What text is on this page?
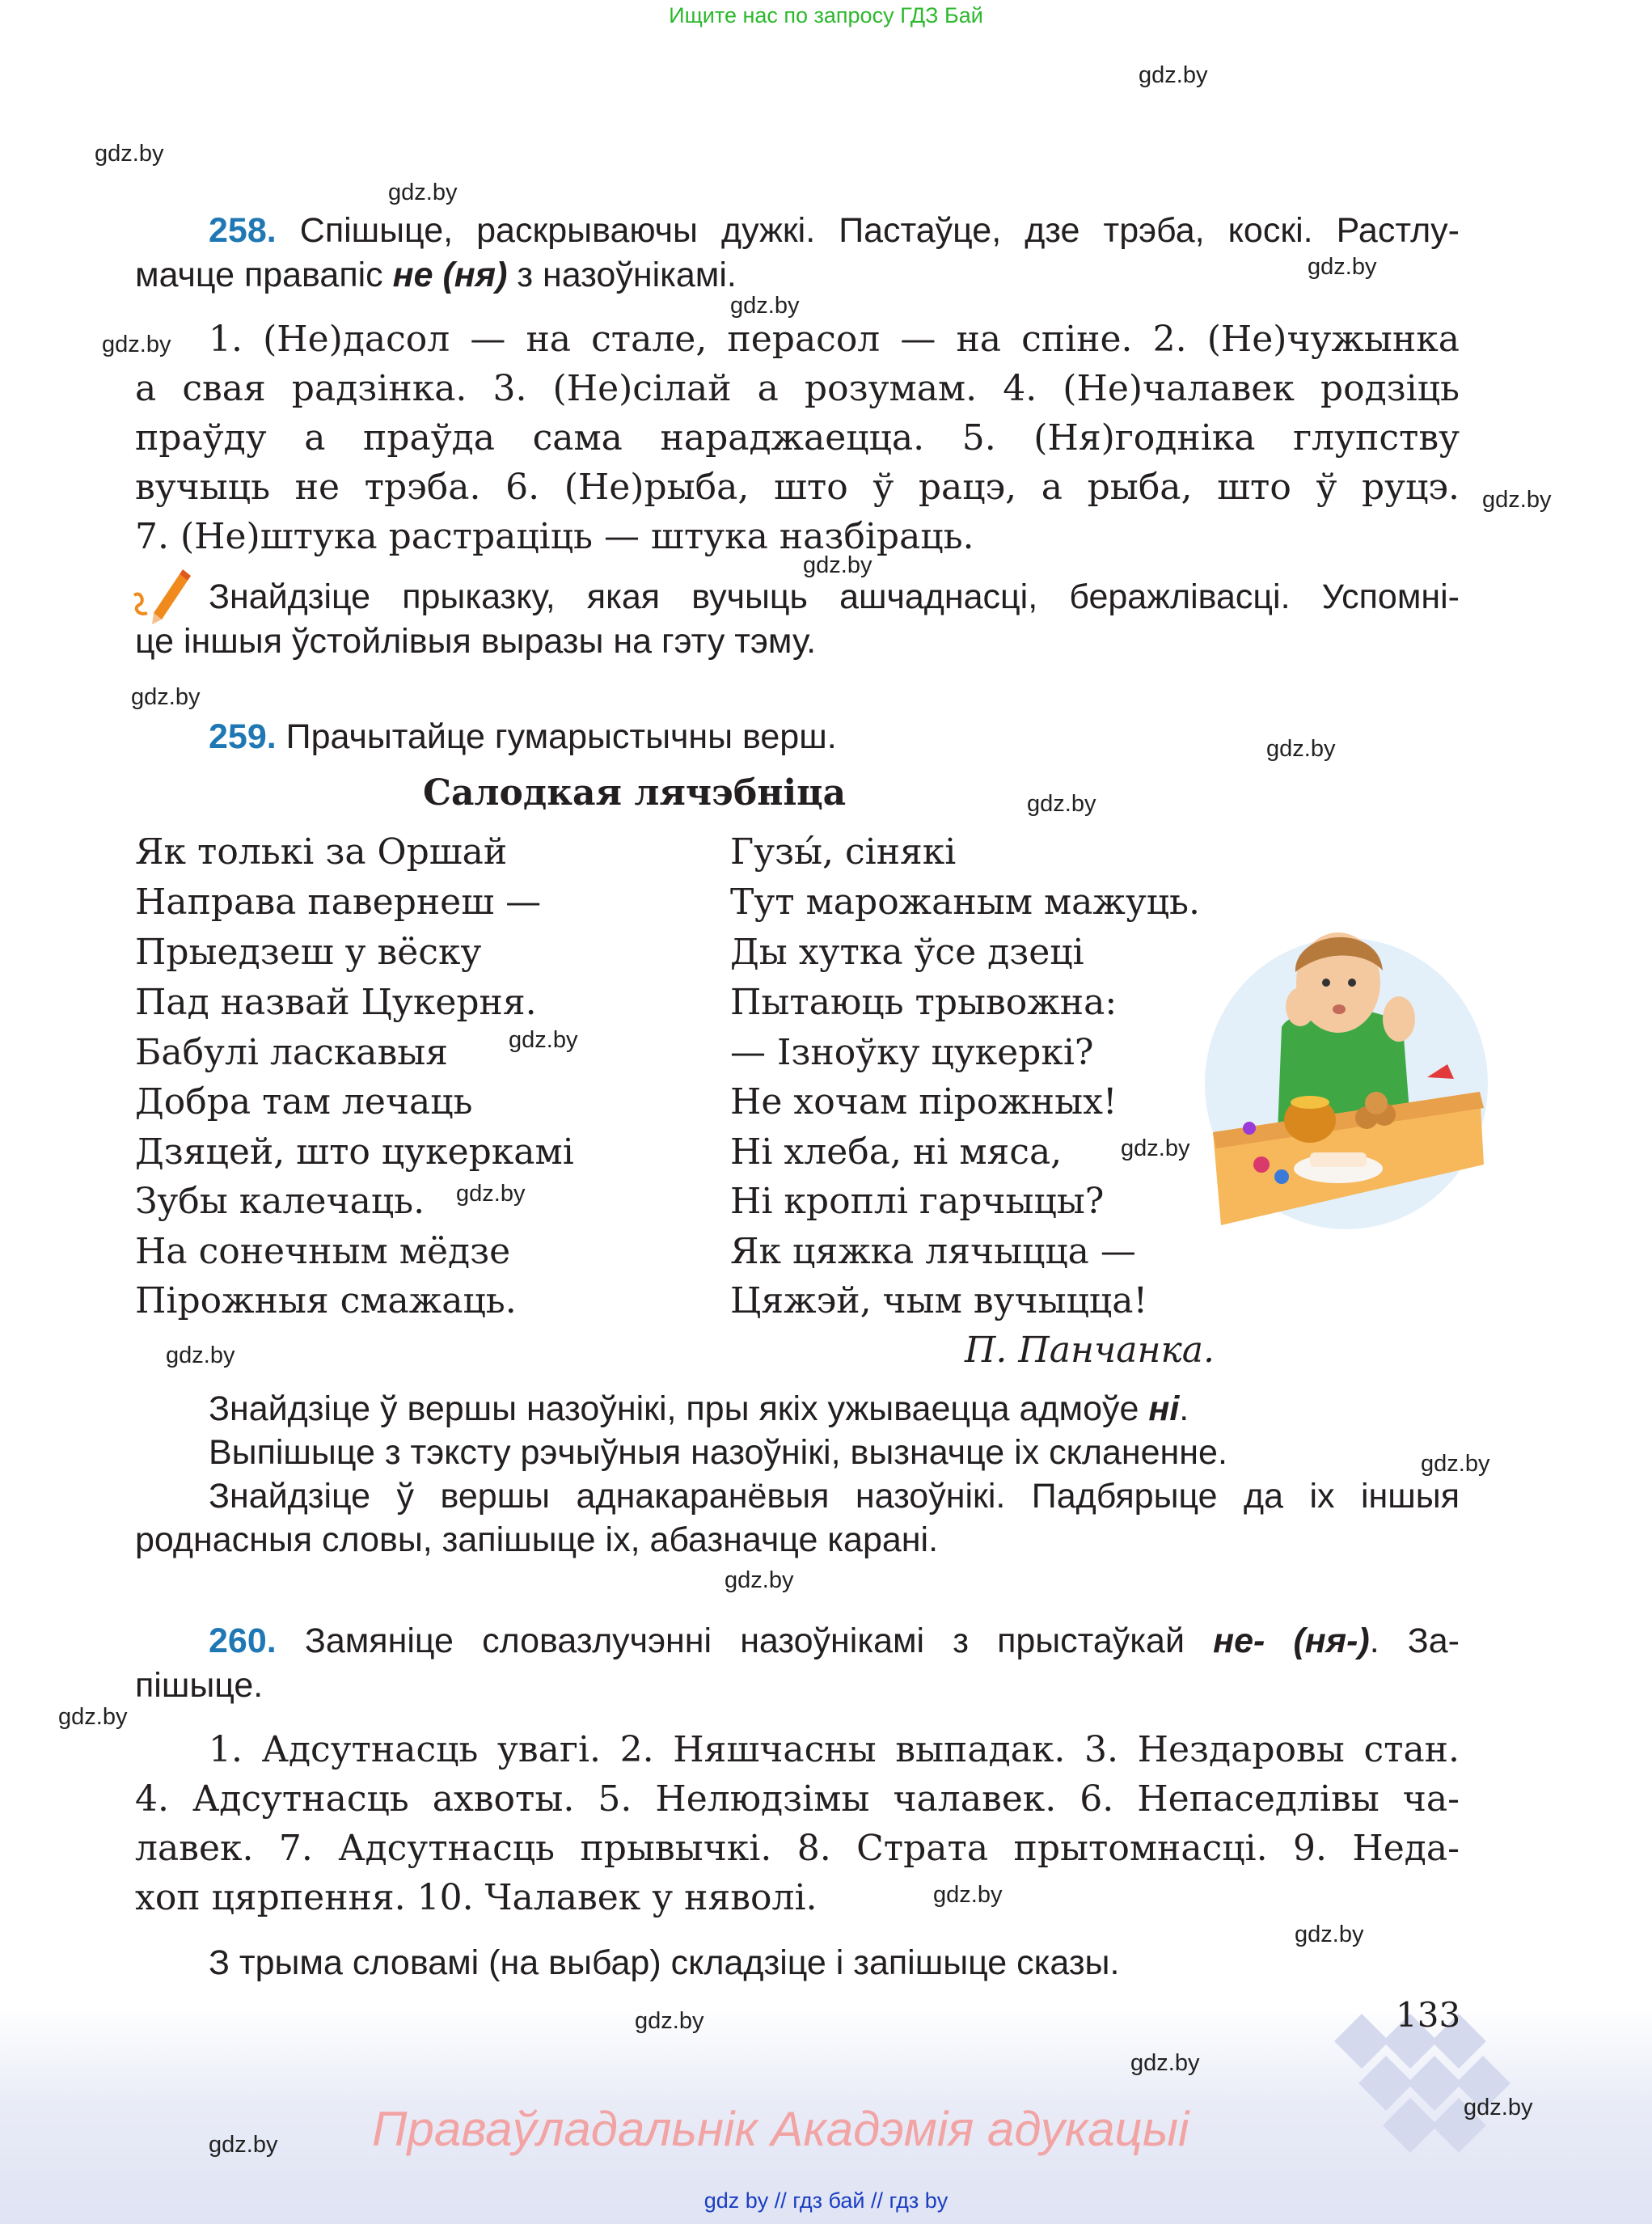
Ищите нас по запросу ГДЗ Бай
gdz.by
gdz.by
gdz.by
gdz.by
gdz.by
gdz.by
gdz.by
gdz.by
gdz.by
gdz.by
gdz.by
gdz.by
gdz.by
gdz.by
gdz.by
gdz.by
gdz.by
gdz.by
gdz.by
gdz.by
258. Спішыце, раскрываючы дужкі. Пастаўце, дзе трэба, коскі. Растлу-
мачце правапіс не (ня) з назоўнікамі.
1. (Не)дасол — на стале, перасол — на спіне. 2. (Не)чужынка
а свая радзінка. 3. (Не)сілай а розумам. 4. (Не)чалавек родзіць
праўду а праўда сама нараджаецца. 5. (Ня)годніка глупству
вучыць не трэба. 6. (Не)рыба, што ў рацэ, а рыба, што ў руцэ.
7. (Не)штука растраціць — штука назбіраць.
Знайдзіце прыказку, якая вучыць ашчаднасці, беражлівасці. Успомні-
це іншыя ўстойлівыя выразы на гэту тэму.
259. Прачытайце гумарыстычны верш.
Салодкая лячэбніца
Як толькі за Оршай
Направа павернеш —
Прыедзеш у вёску
Пад назвай Цукерня.
Бабулі ласкавыя
Добра там лечаць
Дзяцей, што цукеркамі
Зубы калечаць.
На сонечным мёдзе
Пірожныя смажаць.
Гузы́, сінякі
Тут марожаным мажуць.
Ды хутка ўсе дзеці
Пытаюць трывожна:
— Ізноўку цукеркі?
Не хочам пірожных!
Ні хлеба, ні мяса,
Ні кроплі гарчыцы?
Як цяжка лячыцца —
Цяжэй, чым вучыцца!
П. Панчанка.
Знайдзіце ў вершы назоўнікі, пры якіх ужываецца адмоўе ні.
Выпішыце з тэксту рэчыўныя назоўнікі, вызначце іх скланенне.
Знайдзіце ў вершы аднакаранёвыя назоўнікі. Падбярыце да іх іншыя
роднасныя словы, запішыце іх, абазначце карані.
260. Замяніце словазлучэнні назоўнікамі з прыстаўкай не- (ня-). За-
пішыце.
1. Адсутнасць увагі. 2. Няшчасны выпадак. 3. Нездаровы стан.
4. Адсутнасць ахвоты. 5. Нелюдзімы чалавек. 6. Непаседлівы ча-
лавек. 7. Адсутнасць прывычкі. 8. Страта прытомнасці. 9. Неда-
хоп цярпення. 10. Чалавек у няволі.
З трыма словамі (на выбар) складзіце і запішыце сказы.
133
gdz.by
gdz.by
gdz.by
gdz.by Праваўладальнік Акадэмія адукацыі
gdz by // гдз бай // гдз by
